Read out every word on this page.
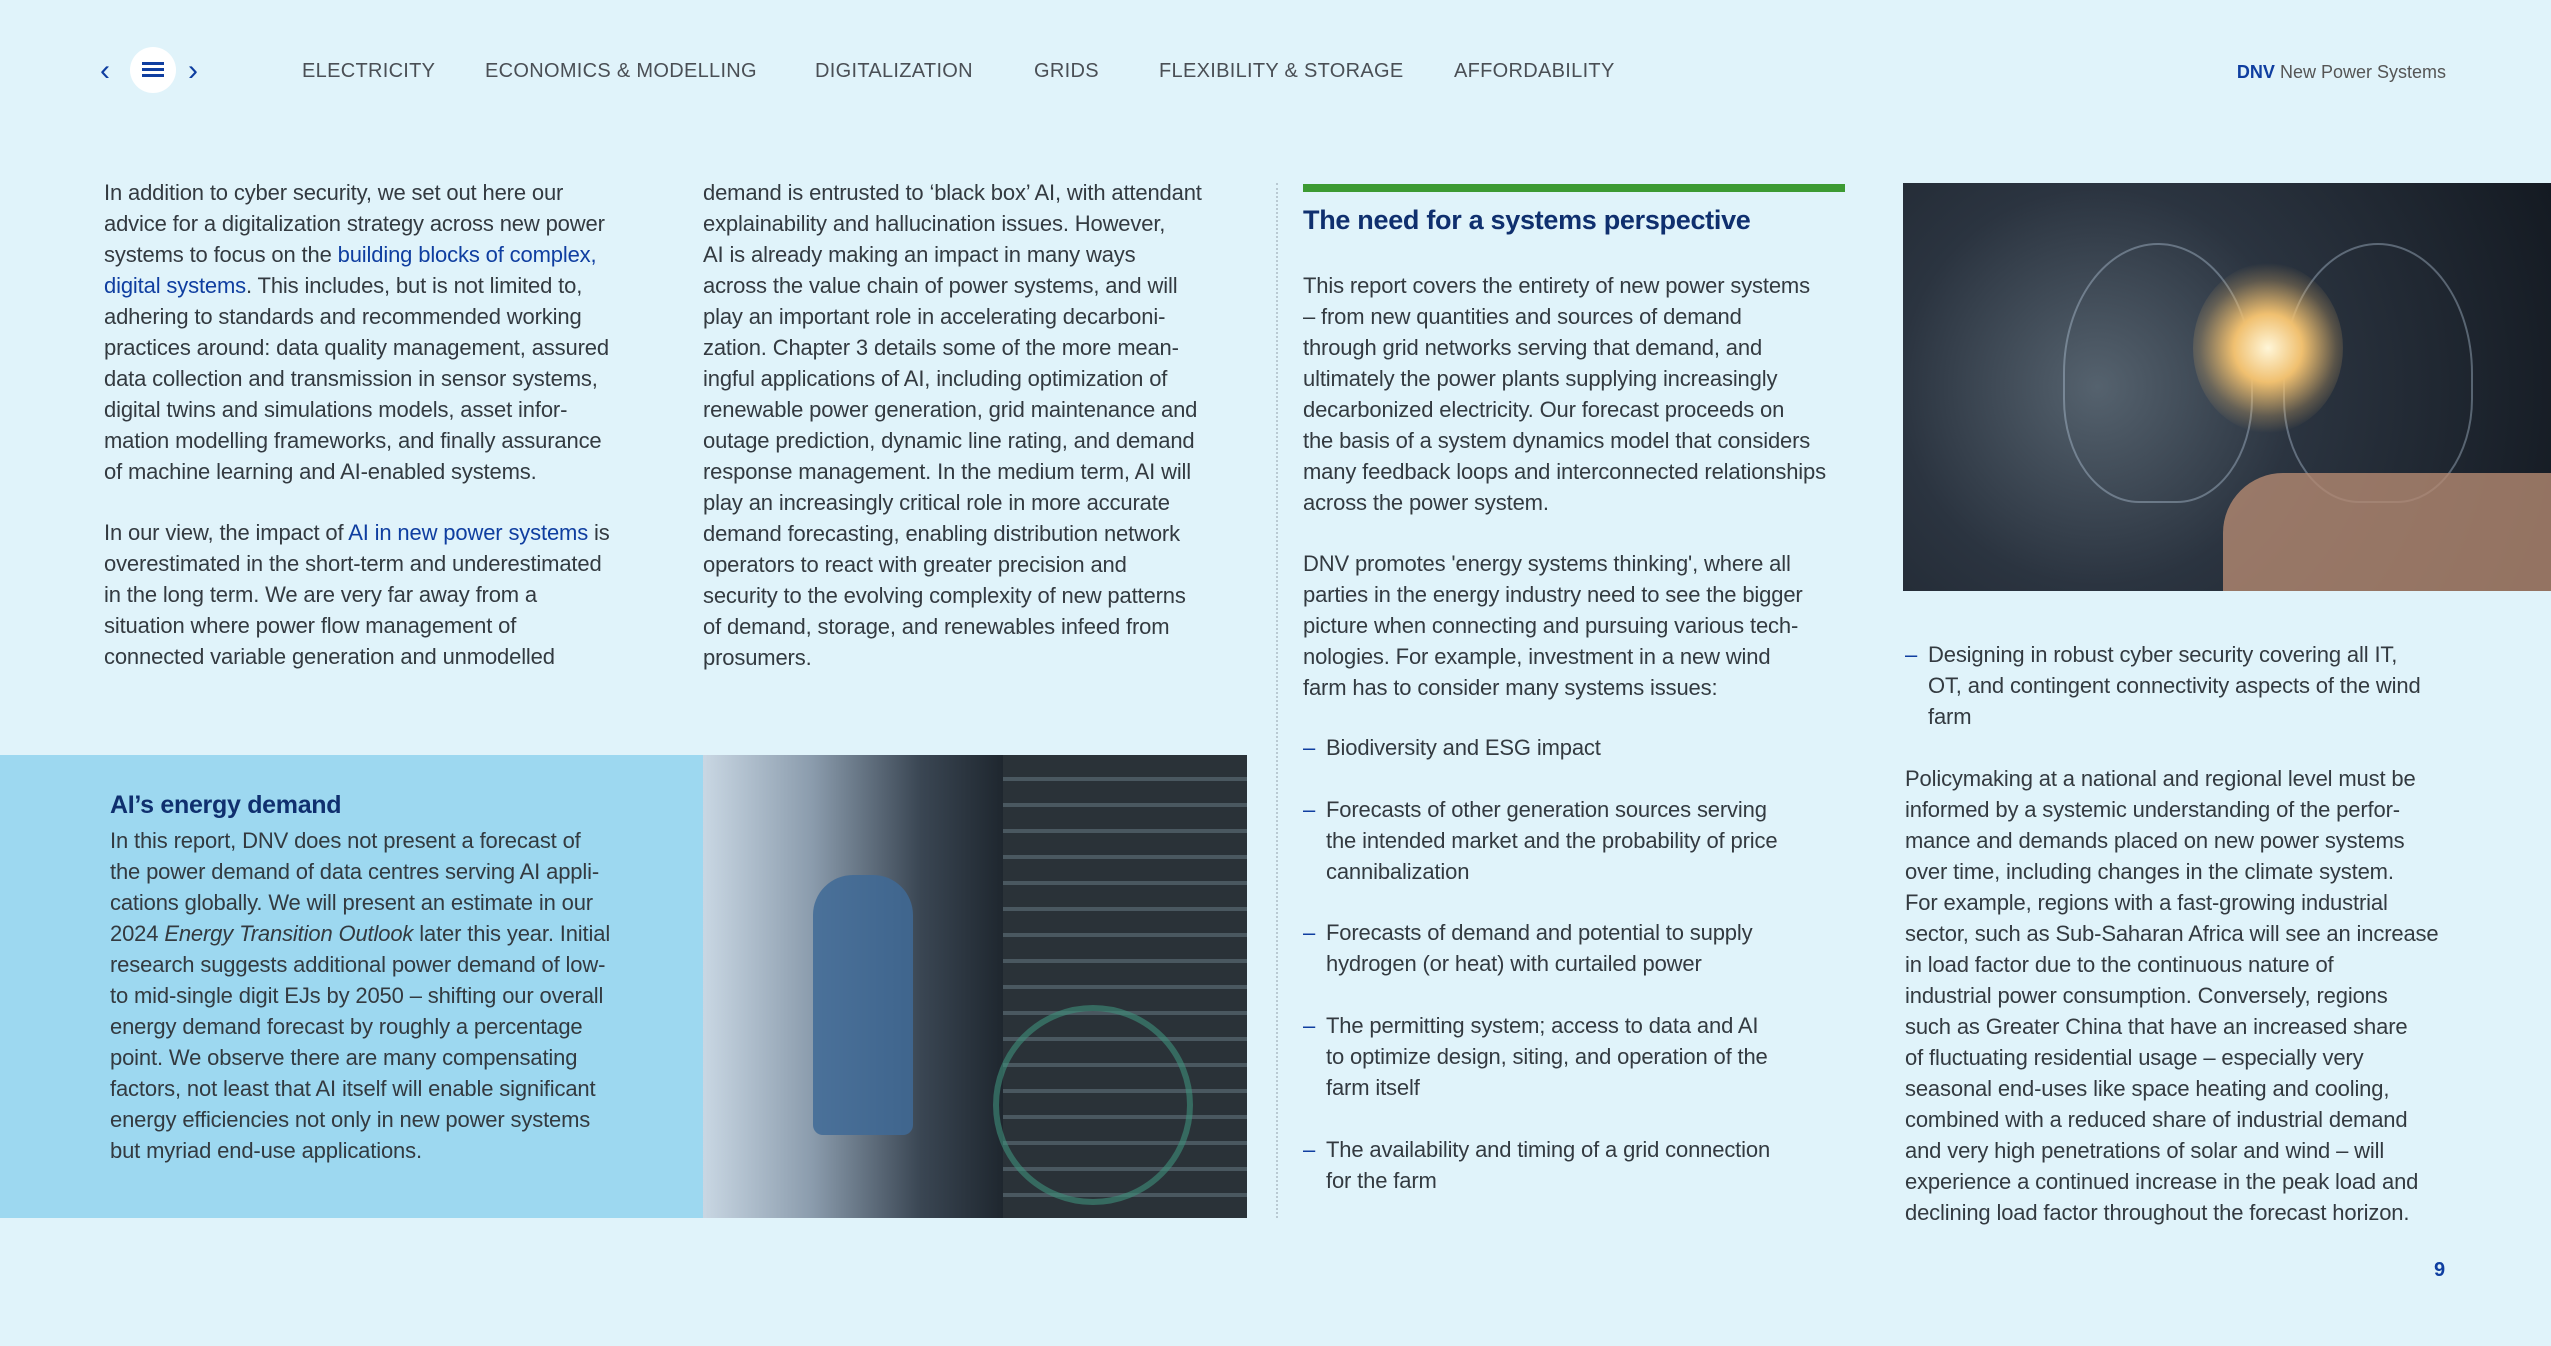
‹	›	ELECTRICITY ECONOMICS & MODELLING	DIGITALIZATION	GRIDS	FLEXIBILITY & STORAGE	AFFORDABILITY	DNV New Power Systems
In addition to cyber security, we set out here our
advice for a digitalization strategy across new power
systems to focus on the building blocks of complex,
digital systems. This includes, but is not limited to,
adhering to standards and recommended working
practices around: data quality management, assured
data collection and transmission in sensor systems,
digital twins and simulations models, asset infor-
mation modelling frameworks, and finally assurance
of machine learning and AI-enabled systems.
In our view, the impact of AI in new power systems is
overestimated in the short-term and underestimated
in the long term. We are very far away from a
situation where power flow management of
connected variable generation and unmodelled
demand is entrusted to ‘black box’ AI, with attendant
explainability and hallucination issues. However,
AI is already making an impact in many ways
across the value chain of power systems, and will
play an important role in accelerating decarboni-
zation. Chapter 3 details some of the more mean-
ingful applications of AI, including optimization of
renewable power generation, grid maintenance and
outage prediction, dynamic line rating, and demand
response management. In the medium term, AI will
play an increasingly critical role in more accurate
demand forecasting, enabling distribution network
operators to react with greater precision and
security to the evolving complexity of new patterns
of demand, storage, and renewables infeed from
prosumers.
AI’s energy demand
In this report, DNV does not present a forecast of
the power demand of data centres serving AI appli-
cations globally. We will present an estimate in our
2024 Energy Transition Outlook later this year. Initial
research suggests additional power demand of low-
to mid-single digit EJs by 2050 – shifting our overall
energy demand forecast by roughly a percentage
point. We observe there are many compensating
factors, not least that AI itself will enable significant
energy efficiencies not only in new power systems
but myriad end-use applications.
The need for a systems perspective
This report covers the entirety of new power systems
– from new quantities and sources of demand
through grid networks serving that demand, and
ultimately the power plants supplying increasingly
decarbonized electricity. Our forecast proceeds on
the basis of a system dynamics model that considers
many feedback loops and interconnected relationships
across the power system.
DNV promotes 'energy systems thinking', where all
parties in the energy industry need to see the bigger
picture when connecting and pursuing various tech-
nologies. For example, investment in a new wind
farm has to consider many systems issues:
– Biodiversity and ESG impact
– Forecasts of other generation sources serving
the intended market and the probability of price
cannibalization
– Forecasts of demand and potential to supply
hydrogen (or heat) with curtailed power
– The permitting system; access to data and AI
to optimize design, siting, and operation of the
farm itself
– The availability and timing of a grid connection
for the farm
– Designing in robust cyber security covering all IT,
OT, and contingent connectivity aspects of the wind
farm
Policymaking at a national and regional level must be
informed by a systemic understanding of the perfor-
mance and demands placed on new power systems
over time, including changes in the climate system.
For example, regions with a fast-growing industrial
sector, such as Sub-Saharan Africa will see an increase
in load factor due to the continuous nature of
industrial power consumption. Conversely, regions
such as Greater China that have an increased share
of fluctuating residential usage – especially very
seasonal end-uses like space heating and cooling,
combined with a reduced share of industrial demand
and very high penetrations of solar and wind – will
experience a continued increase in the peak load and
declining load factor throughout the forecast horizon.
9
